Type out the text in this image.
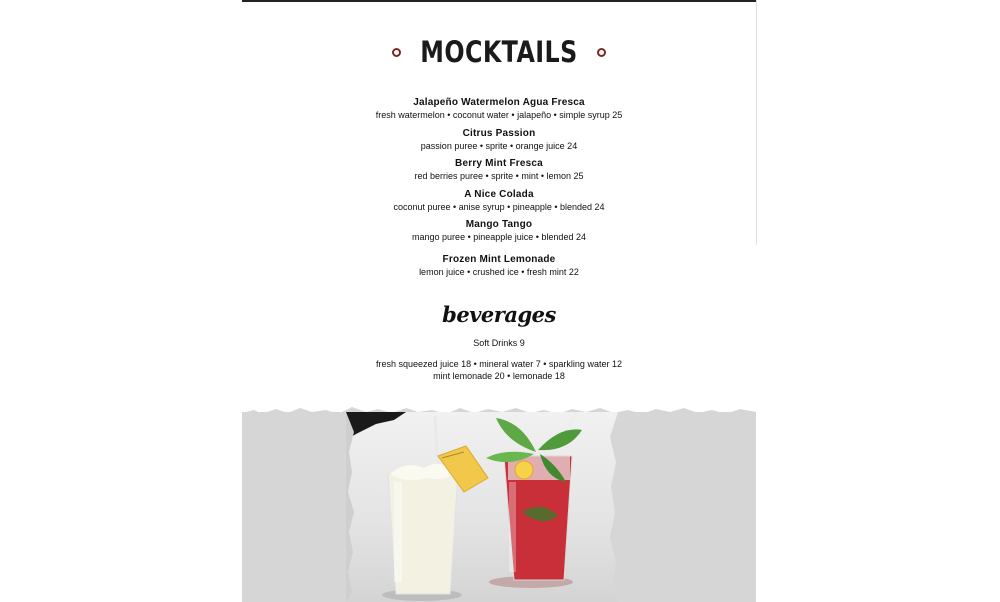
MOCKTAILS
Jalapeño Watermelon Agua Fresca
fresh watermelon • coconut water • jalapeño • simple syrup 25
Citrus Passion
passion puree • sprite • orange juice 24
Berry Mint Fresca
red berries puree • sprite • mint • lemon 25
A Nice Colada
coconut puree • anise syrup • pineapple • blended 24
Mango Tango
mango puree • pineapple juice • blended 24
Frozen Mint Lemonade
lemon juice • crushed ice • fresh mint 22
beverages
Soft Drinks 9
fresh squeezed juice 18 • mineral water 7 • sparkling water 12
mint lemonade 20 • lemonade 18
